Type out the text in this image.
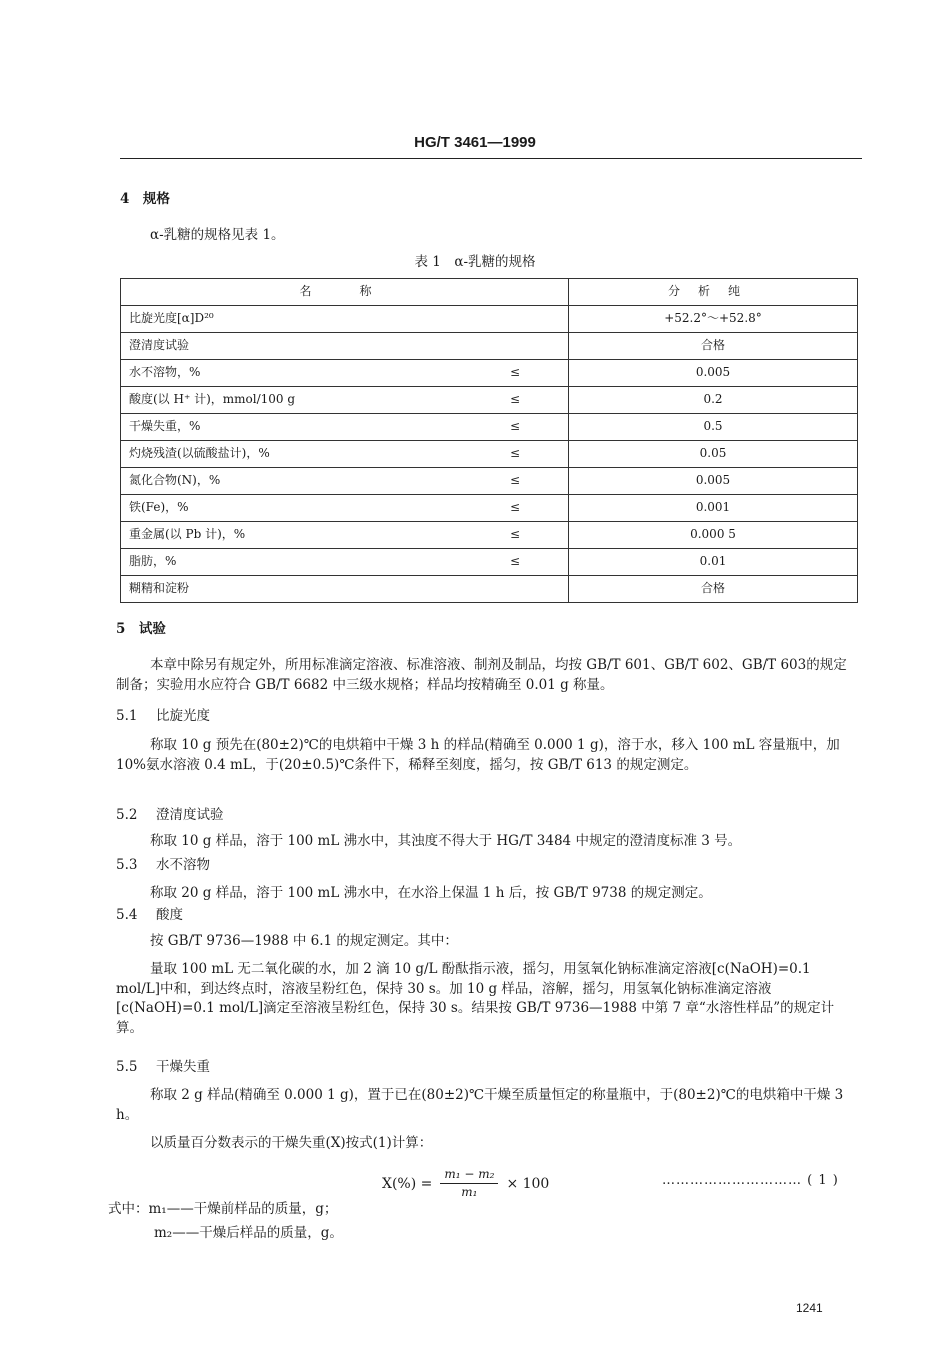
HG/T 3461—1999
4　规格
α-乳糖的规格见表 1。
表 1　α-乳糖的规格
名　称		分析纯
比旋光度[α]D²⁰		+52.2°～+52.8°
澄清度试验		合格
水不溶物，%	≤	0.005
酸度(以 H⁺ 计)，mmol/100 g	≤	0.2
干燥失重，%	≤	0.5
灼烧残渣(以硫酸盐计)，%	≤	0.05
氮化合物(N)，%	≤	0.005
铁(Fe)，%	≤	0.001
重金属(以 Pb 计)，%	≤	0.000 5
脂肪，%	≤	0.01
糊精和淀粉		合格
5　试验
本章中除另有规定外，所用标准滴定溶液、标准溶液、制剂及制品，均按 GB/T 601、GB/T 602、GB/T 603的规定制备；实验用水应符合 GB/T 6682 中三级水规格；样品均按精确至 0.01 g 称量。
5.1 比旋光度
称取 10 g 预先在(80±2)℃的电烘箱中干燥 3 h 的样品(精确至 0.000 1 g)，溶于水，移入 100 mL 容量瓶中，加 10%氨水溶液 0.4 mL，于(20±0.5)℃条件下，稀释至刻度，摇匀，按 GB/T 613 的规定测定。
5.2 澄清度试验
称取 10 g 样品，溶于 100 mL 沸水中，其浊度不得大于 HG/T 3484 中规定的澄清度标准 3 号。
5.3 水不溶物
称取 20 g 样品，溶于 100 mL 沸水中，在水浴上保温 1 h 后，按 GB/T 9738 的规定测定。
5.4 酸度
按 GB/T 9736—1988 中 6.1 的规定测定。其中：
量取 100 mL 无二氧化碳的水，加 2 滴 10 g/L 酚酞指示液，摇匀，用氢氧化钠标准滴定溶液[c(NaOH)=0.1 mol/L]中和，到达终点时，溶液呈粉红色，保持 30 s。加 10 g 样品，溶解，摇匀，用氢氧化钠标准滴定溶液[c(NaOH)=0.1 mol/L]滴定至溶液呈粉红色，保持 30 s。结果按 GB/T 9736—1988 中第 7 章“水溶性样品”的规定计算。
5.5 干燥失重
称取 2 g 样品(精确至 0.000 1 g)，置于已在(80±2)℃干燥至质量恒定的称量瓶中，于(80±2)℃的电烘箱中干燥 3 h。
以质量百分数表示的干燥失重(X)按式(1)计算：
$X(\%) = \frac{\text{m₁ − m₂}}{\text{m₁}} \times 100$	………………………… ( 1 )
式中：m₁——干燥前样品的质量，g；
m₂——干燥后样品的质量，g。
1241
